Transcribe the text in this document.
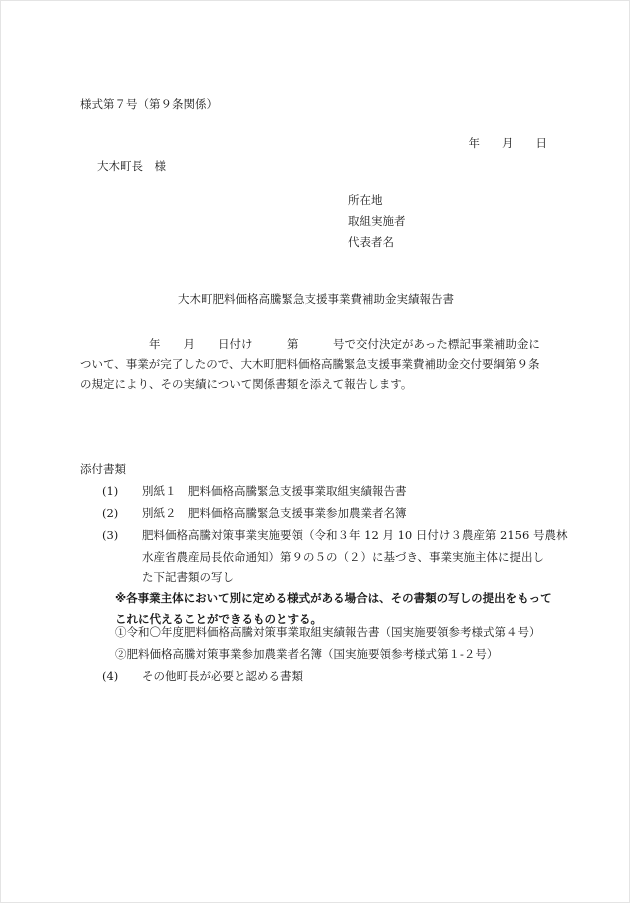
様式第７号（第９条関係）
年 月 日
大木町長　様
所在地
取組実施者
代表者名
大木町肥料価格高騰緊急支援事業費補助金実績報告書

　　　　　　年　　月　　日付け　　　第　　　号で交付決定があった標記事業補助金に

ついて、事業が完了したので、大木町肥料価格高騰緊急支援事業費補助金交付要綱第９条

の規定により、その実績について関係書類を添えて報告します。

添付書類
(1) 別紙１　肥料価格高騰緊急支援事業取組実績報告書
(2) 別紙２　肥料価格高騰緊急支援事業参加農業者名簿
(3) 肥料価格高騰対策事業実施要領（令和３年 12 月 10 日付け３農産第 2156 号農林
水産省農産局長依命通知）第９の５の（２）に基づき、事業実施主体に提出した下記書類の写し
※各事業主体において別に定める様式がある場合は、その書類の写しの提出をもってこれに代えることができるものとする。
①令和〇年度肥料価格高騰対策事業取組実績報告書（国実施要領参考様式第４号）
②肥料価格高騰対策事業参加農業者名簿（国実施要領参考様式第１-２号）
(4) その他町長が必要と認める書類
